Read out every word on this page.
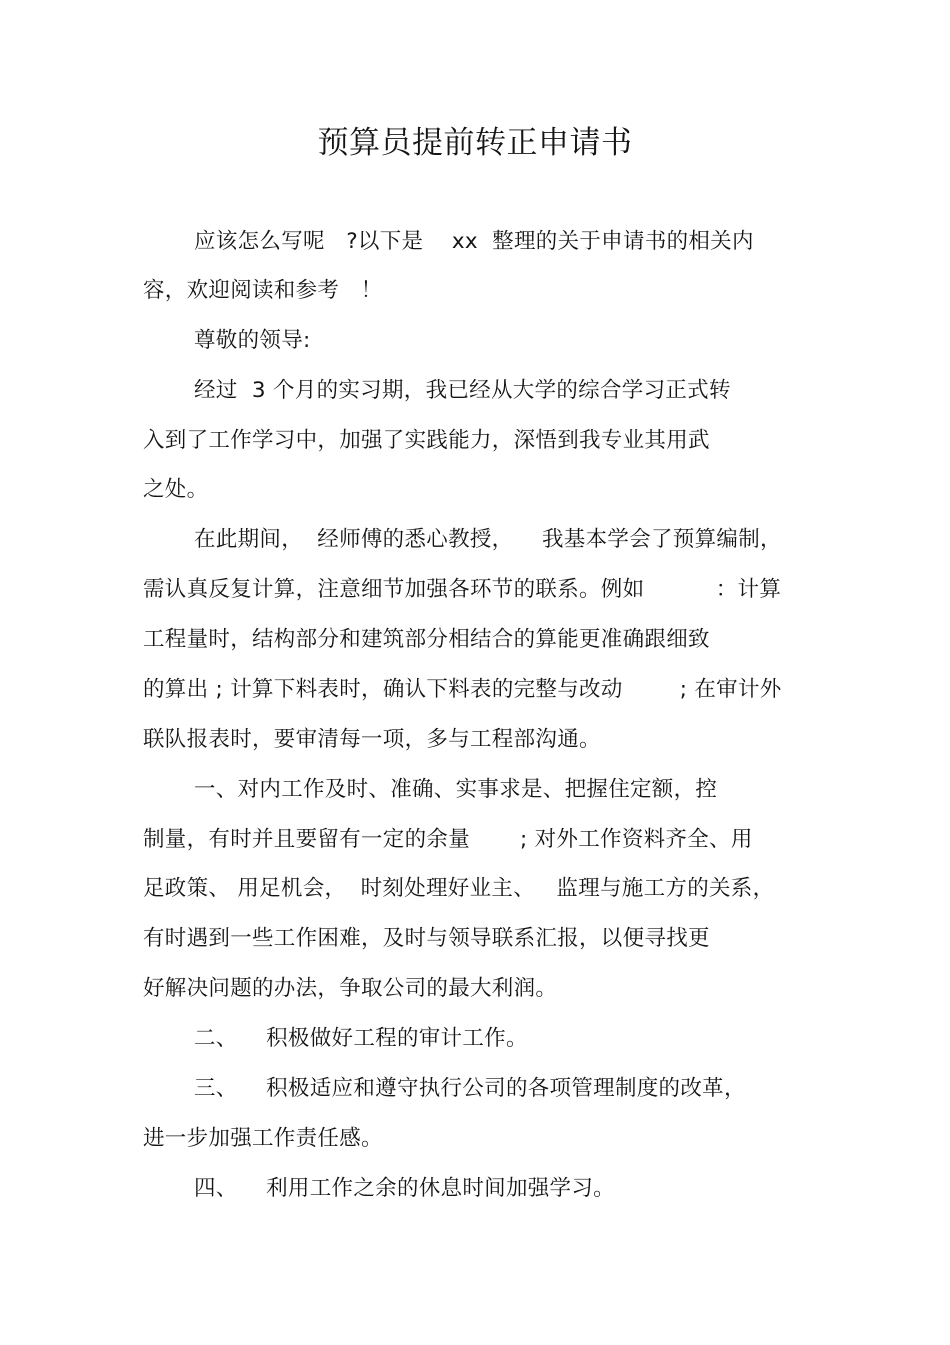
预算员提前转正申请书
应该怎么写呢   ?以下是    xx  整理的关于申请书的相关内
容，欢迎阅读和参考   ！
尊敬的领导:
经过  3 个月的实习期，我已经从大学的综合学习正式转
入到了工作学习中，加强了实践能力，深悟到我专业其用武
之处。
在此期间，  经师傅的悉心教授，    我基本学会了预算编制，
需认真反复计算，注意细节加强各环节的联系。例如          ：计算
工程量时，结构部分和建筑部分相结合的算能更准确跟细致
的算出 ; 计算下料表时，确认下料表的完整与改动        ; 在审计外
联队报表时，要审清每一项，多与工程部沟通。
一、对内工作及时、准确、实事求是、把握住定额，控
制量，有时并且要留有一定的余量       ; 对外工作资料齐全、用
足政策、 用足机会，  时刻处理好业主、   监理与施工方的关系，
有时遇到一些工作困难，及时与领导联系汇报，以便寻找更
好解决问题的办法，争取公司的最大利润。
二、    积极做好工程的审计工作。
三、    积极适应和遵守执行公司的各项管理制度的改革，
进一步加强工作责任感。
四、    利用工作之余的休息时间加强学习。
